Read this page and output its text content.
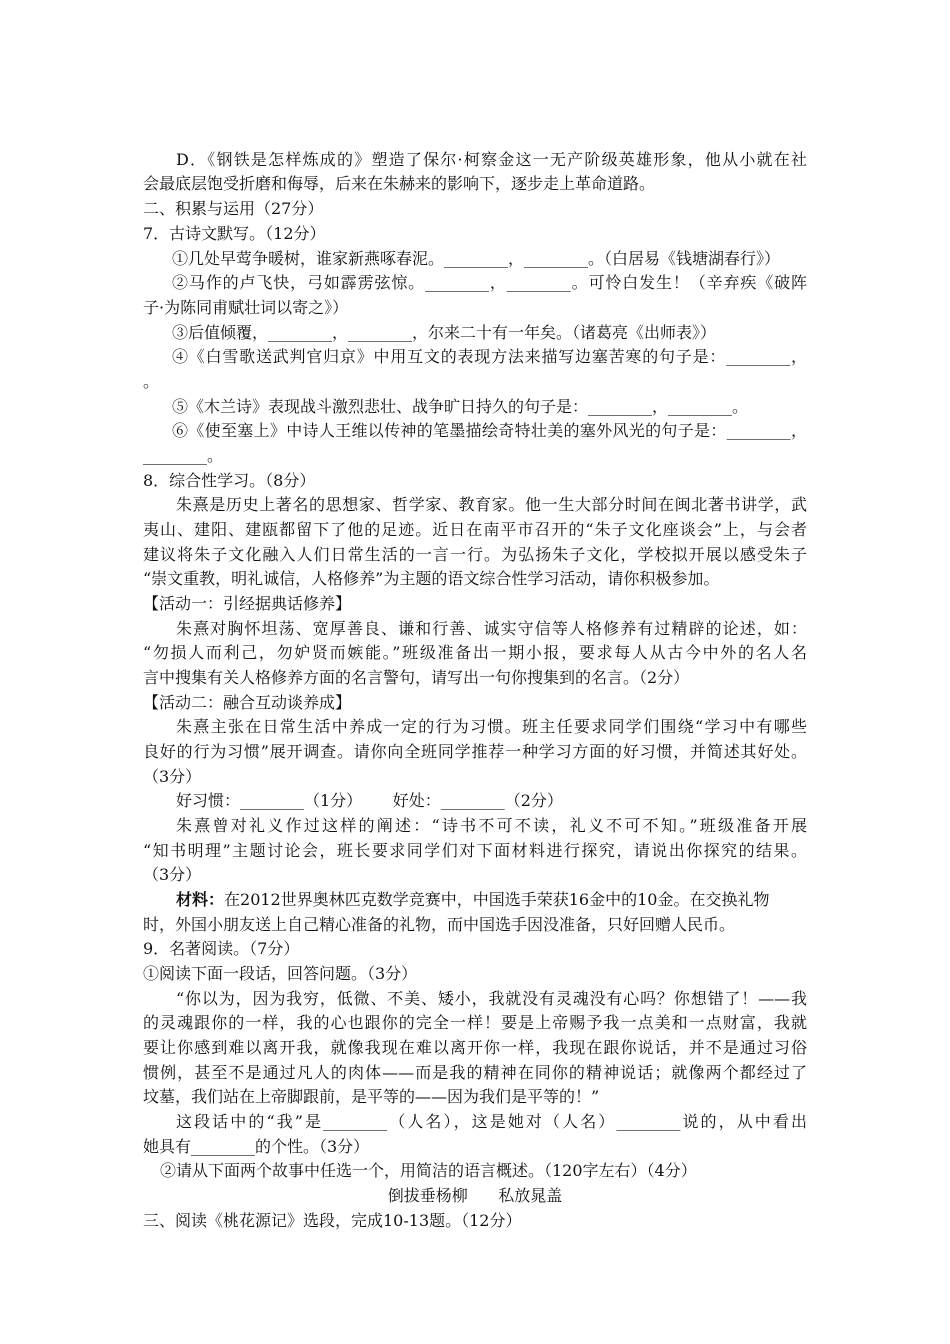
D．《钢铁是怎样炼成的》塑造了保尔·柯察金这一无产阶级英雄形象，他从小就在社
会最底层饱受折磨和侮辱，后来在朱赫来的影响下，逐步走上革命道路。
二、积累与运用（27分）
7．古诗文默写。（12分）
①几处早莺争暖树，谁家新燕啄春泥。________，________。（白居易《钱塘湖春行》）
②马作的卢飞快，弓如霹雳弦惊。________，________。可怜白发生！（辛弃疾《破阵
子·为陈同甫赋壮词以寄之》）
③后值倾覆，________，________，尔来二十有一年矣。（诸葛亮《出师表》）
④《白雪歌送武判官归京》中用互文的表现方法来描写边塞苦寒的句子是：________，
。
⑤《木兰诗》表现战斗激烈悲壮、战争旷日持久的句子是：________，________。
⑥《使至塞上》中诗人王维以传神的笔墨描绘奇特壮美的塞外风光的句子是：________，
________。
8．综合性学习。（8分）
朱熹是历史上著名的思想家、哲学家、教育家。他一生大部分时间在闽北著书讲学，武
夷山、建阳、建瓯都留下了他的足迹。近日在南平市召开的“朱子文化座谈会”上，与会者
建议将朱子文化融入人们日常生活的一言一行。为弘扬朱子文化，学校拟开展以感受朱子
“崇文重教，明礼诚信，人格修养”为主题的语文综合性学习活动，请你积极参加。
【活动一：引经据典话修养】
朱熹对胸怀坦荡、宽厚善良、谦和行善、诚实守信等人格修养有过精辟的论述，如：
“勿损人而利己，勿妒贤而嫉能。”班级准备出一期小报，要求每人从古今中外的名人名
言中搜集有关人格修养方面的名言警句，请写出一句你搜集到的名言。（2分）
【活动二：融合互动谈养成】
朱熹主张在日常生活中养成一定的行为习惯。班主任要求同学们围绕“学习中有哪些
良好的行为习惯”展开调查。请你向全班同学推荐一种学习方面的好习惯，并简述其好处。
（3分）
好习惯：________（1分）      好处：________（2分）
朱熹曾对礼义作过这样的阐述：“诗书不可不读，礼义不可不知。”班级准备开展
“知书明理”主题讨论会，班长要求同学们对下面材料进行探究，请说出你探究的结果。
（3分）
材料：在2012世界奥林匹克数学竞赛中，中国选手荣获16金中的10金。在交换礼物
时，外国小朋友送上自己精心准备的礼物，而中国选手因没准备，只好回赠人民币。
9．名著阅读。（7分）
①阅读下面一段话，回答问题。（3分）
“你以为，因为我穷，低微、不美、矮小，我就没有灵魂没有心吗？你想错了！——我
的灵魂跟你的一样，我的心也跟你的完全一样！要是上帝赐予我一点美和一点财富，我就
要让你感到难以离开我，就像我现在难以离开你一样，我现在跟你说话，并不是通过习俗
惯例，甚至不是通过凡人的肉体——而是我的精神在同你的精神说话；就像两个都经过了
坟墓，我们站在上帝脚跟前，是平等的——因为我们是平等的！”
这段话中的“我”是________（人名），这是她对（人名）________说的，从中看出
她具有________的个性。（3分）
②请从下面两个故事中任选一个，用简洁的语言概述。（120字左右）（4分）
倒拔垂杨柳      私放晁盖
三、阅读《桃花源记》选段，完成10-13题。（12分）
